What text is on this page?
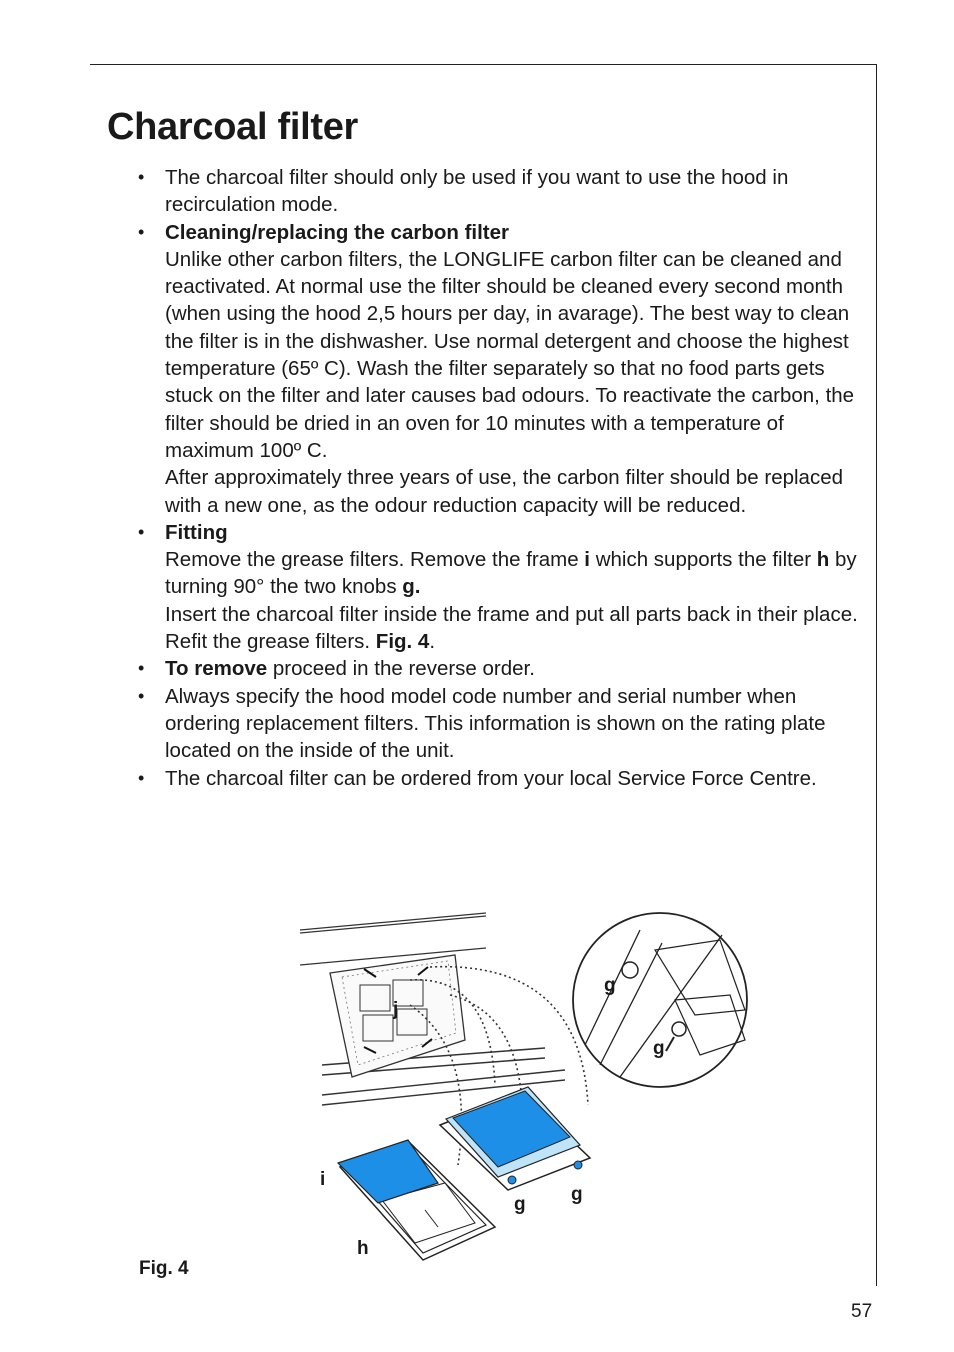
Charcoal filter
• The charcoal filter should only be used if you want to use the hood in recirculation mode.
• Cleaning/replacing the carbon filter

Unlike other carbon filters, the LONGLIFE carbon filter can be cleaned and reactivated. At normal use the filter should be cleaned every second month (when using the hood 2,5 hours per day, in avarage). The best way to clean the filter is in the dishwasher. Use normal detergent and choose the highest temperature (65º C). Wash the filter separately so that no food parts gets stuck on the filter and later causes bad odours. To reactivate the carbon, the filter should be dried in an oven for 10 minutes with a temperature of maximum 100º C.

After approximately three years of use, the carbon filter should be replaced with a new one, as the odour reduction capacity will be reduced.

• Fitting

Remove the grease filters. Remove the frame i which supports the filter h by turning 90° the two knobs g.

Insert the charcoal filter inside the frame and put all parts back in their place. Refit the grease filters. Fig. 4.

• To remove proceed in the reverse order.
• Always specify the hood model code number and serial number when ordering replacement filters. This information is shown on the rating plate located on the inside of the unit.
• The charcoal filter can be ordered from your local Service Force Centre.
j
g
g
i
g g
h
Fig. 4
57
